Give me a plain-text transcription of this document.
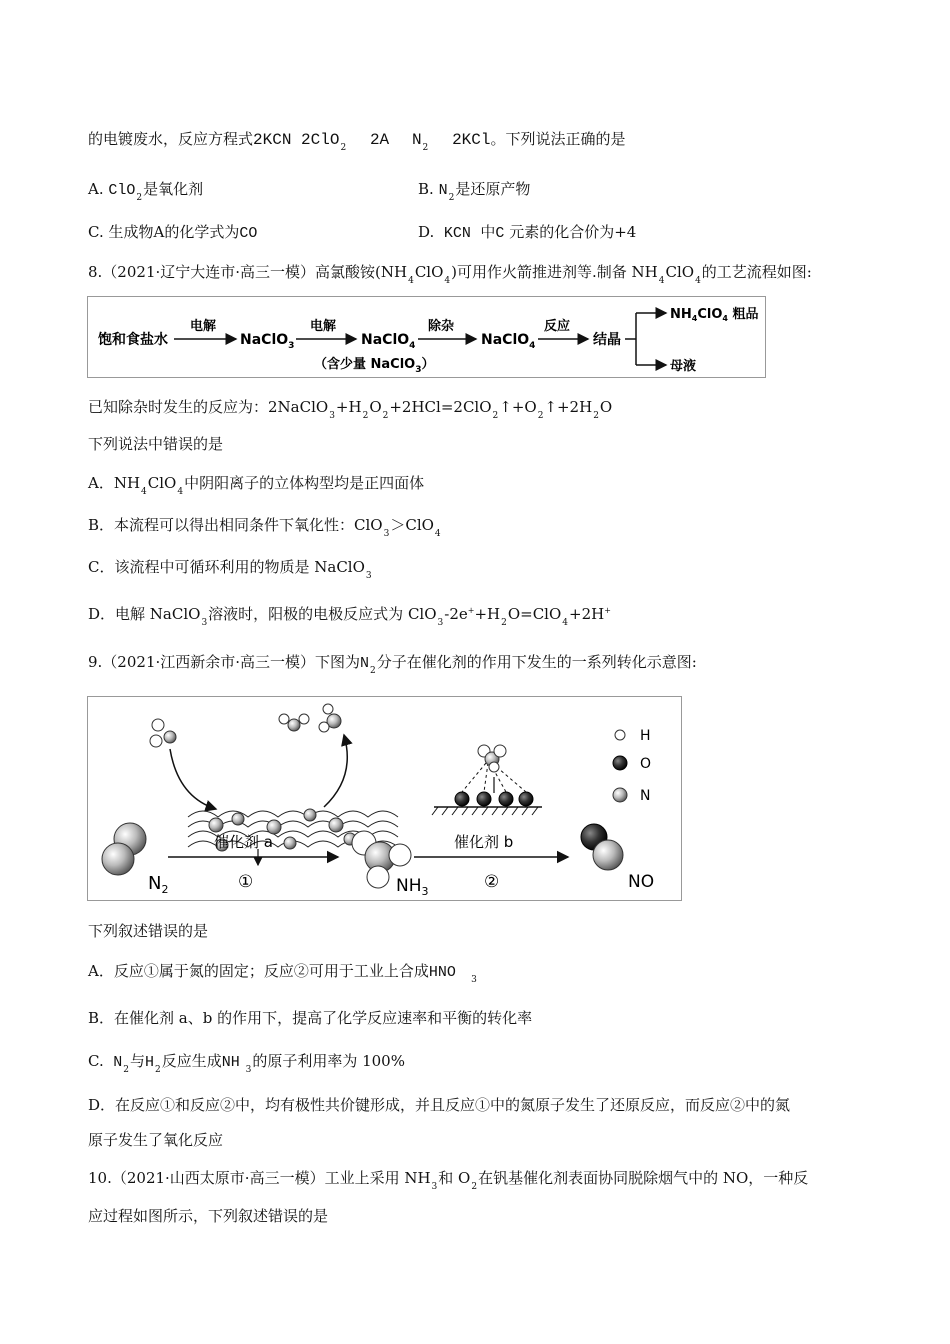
的电镀废水，反应方程式2KCN 2ClO$_2$ 2A $N_2$ 2KCl。下列说法正确的是
A. ClO$_2$是氧化剂	B. $N_2$是还原产物
C. 生成物A的化学式为CO	D. KCN 中C 元素的化合价为+4
8.（2021·辽宁大连市·高三一模）高氯酸铵$(NH_4ClO_4)$可用作火箭推进剂等.制备 $NH_4ClO_4$的工艺流程如图:
饱和食盐水
电解
NaClO$_3$
电解
NaClO$_4$
（含少量 NaClO$_3$）
除杂
NaClO$_4$
反应
结晶
$NH_4ClO_4$ 粗品
母液
已知除杂时发生的反应为：$2NaClO_3+H_2O_2+2HCl=2ClO_2↑+O_2↑+2H_2O$
下列说法中错误的是
A．$NH_4ClO_4$中阴阳离子的立体构型均是正四面体
B．本流程可以得出相同条件下氧化性：ClO$_3$＞ClO$_4$
C．该流程中可循环利用的物质是 NaClO$_3$
D．电解 NaClO$_3$溶液时，阳极的电极反应式为 $ClO_3-2e^++H_2O=ClO_4+2H^+$
9.（2021·江西新余市·高三一模）下图为$N_2$分子在催化剂的作用下发生的一系列转化示意图:
$N_2$
催化剂 a
①	$NH_3$
催化剂 b
②	NO
H
O
N
下列叙述错误的是
A．反应①属于氮的固定；反应②可用于工业上合成HNO $_3$
B．在催化剂 a、b 的作用下，提高了化学反应速率和平衡的转化率
C. $N_2$与$H_2$反应生成NH $_3$的原子利用率为 100%
D．在反应①和反应②中，均有极性共价键形成，并且反应①中的氮原子发生了还原反应，而反应②中的氮
原子发生了氧化反应
10.（2021·山西太原市·高三一模）工业上采用 $NH_3$和 $O_2$在钒基催化剂表面协同脱除烟气中的 NO，一种反
应过程如图所示，下列叙述错误的是
